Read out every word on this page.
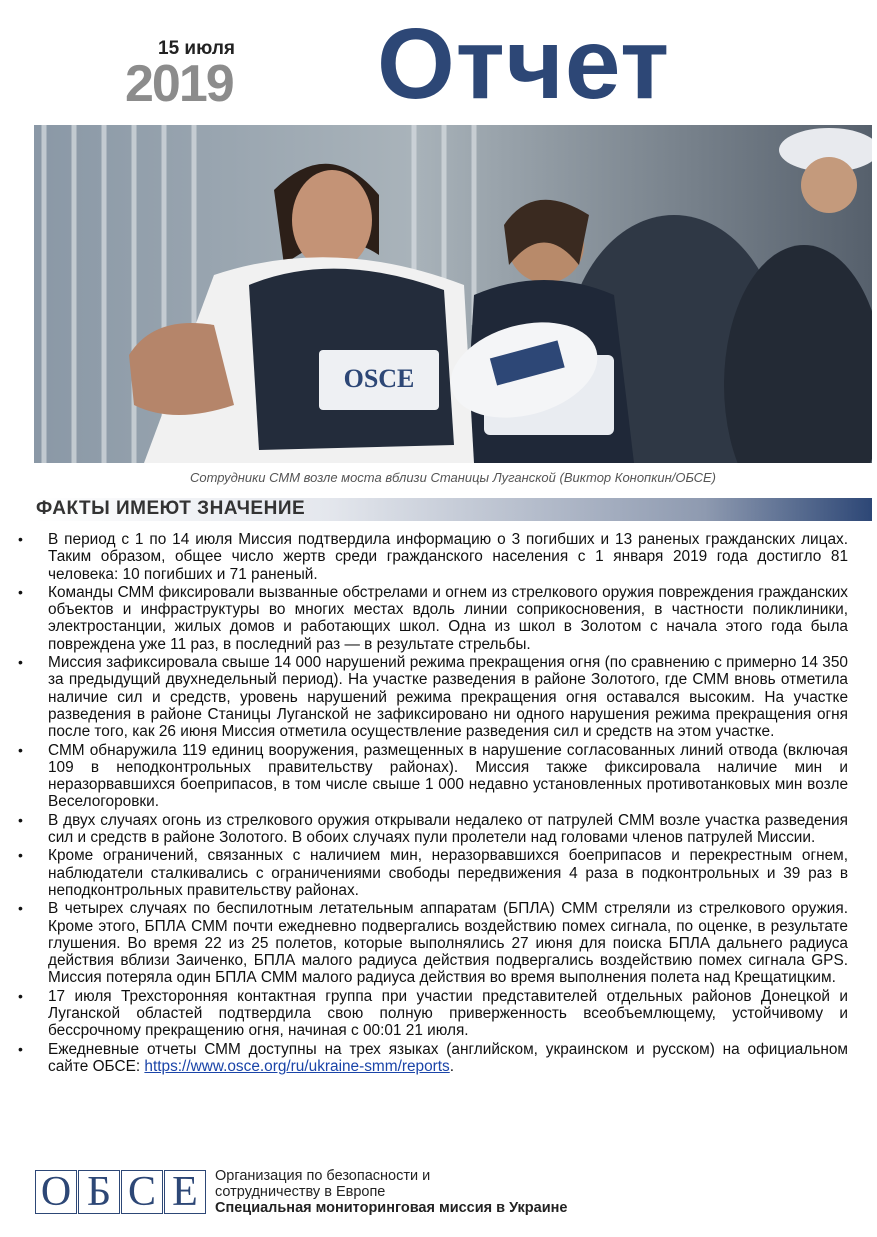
15 июля
2019 Отчет
OSCE
Сотрудники СММ возле моста вблизи Станицы Луганской (Виктор Конопкин/ОБСЕ)
ФАКТЫ ИМЕЮТ ЗНАЧЕНИЕ
• В период с 1 по 14 июля Миссия подтвердила информацию о 3 погибших и 13 раненых гражданских лицах. Таким образом, общее число жертв среди гражданского населения с 1 января 2019 года достигло 81 человека: 10 погибших и 71 раненый.
• Команды СММ фиксировали вызванные обстрелами и огнем из стрелкового оружия повреждения гражданских объектов и инфраструктуры во многих местах вдоль линии соприкосновения, в частности поликлиники, электростанции, жилых домов и работающих школ. Одна из школ в Золотом с начала этого года была повреждена уже 11 раз, в последний раз — в результате стрельбы.
• Миссия зафиксировала свыше 14 000 нарушений режима прекращения огня (по сравнению с примерно 14 350 за предыдущий двухнедельный период). На участке разведения в районе Золотого, где СММ вновь отметила наличие сил и средств, уровень нарушений режима прекращения огня оставался высоким. На участке разведения в районе Станицы Луганской не зафиксировано ни одного нарушения режима прекращения огня после того, как 26 июня Миссия отметила осуществление разведения сил и средств на этом участке.
• СММ обнаружила 119 единиц вооружения, размещенных в нарушение согласованных линий отвода (включая 109 в неподконтрольных правительству районах). Миссия также фиксировала наличие мин и неразорвавшихся боеприпасов, в том числе свыше 1 000 недавно установленных противотанковых мин возле Веселогоровки.
• В двух случаях огонь из стрелкового оружия открывали недалеко от патрулей СММ возле участка разведения сил и средств в районе Золотого. В обоих случаях пули пролетели над головами членов патрулей Миссии.
• Кроме ограничений, связанных с наличием мин, неразорвавшихся боеприпасов и перекрестным огнем, наблюдатели сталкивались с ограничениями свободы передвижения 4 раза в подконтрольных и 39 раз в неподконтрольных правительству районах.
• В четырех случаях по беспилотным летательным аппаратам (БПЛА) СММ стреляли из стрелкового оружия. Кроме этого, БПЛА СММ почти ежедневно подвергались воздействию помех сигнала, по оценке, в результате глушения. Во время 22 из 25 полетов, которые выполнялись 27 июня для поиска БПЛА дальнего радиуса действия вблизи Заиченко, БПЛА малого радиуса действия подвергались воздействию помех сигнала GPS. Миссия потеряла один БПЛА СММ малого радиуса действия во время выполнения полета над Крещатицким.
• 17 июля Трехсторонняя контактная группа при участии представителей отдельных районов Донецкой и Луганской областей подтвердила свою полную приверженность всеобъемлющему, устойчивому и бессрочному прекращению огня, начиная с 00:01 21 июля.
• Ежедневные отчеты СММ доступны на трех языках (английском, украинском и русском) на официальном сайте ОБСЕ: https://www.osce.org/ru/ukraine-smm/reports.
О Б С Е	Организация по безопасности и
сотрудничеству в Европе
Специальная мониторинговая миссия в Украине
